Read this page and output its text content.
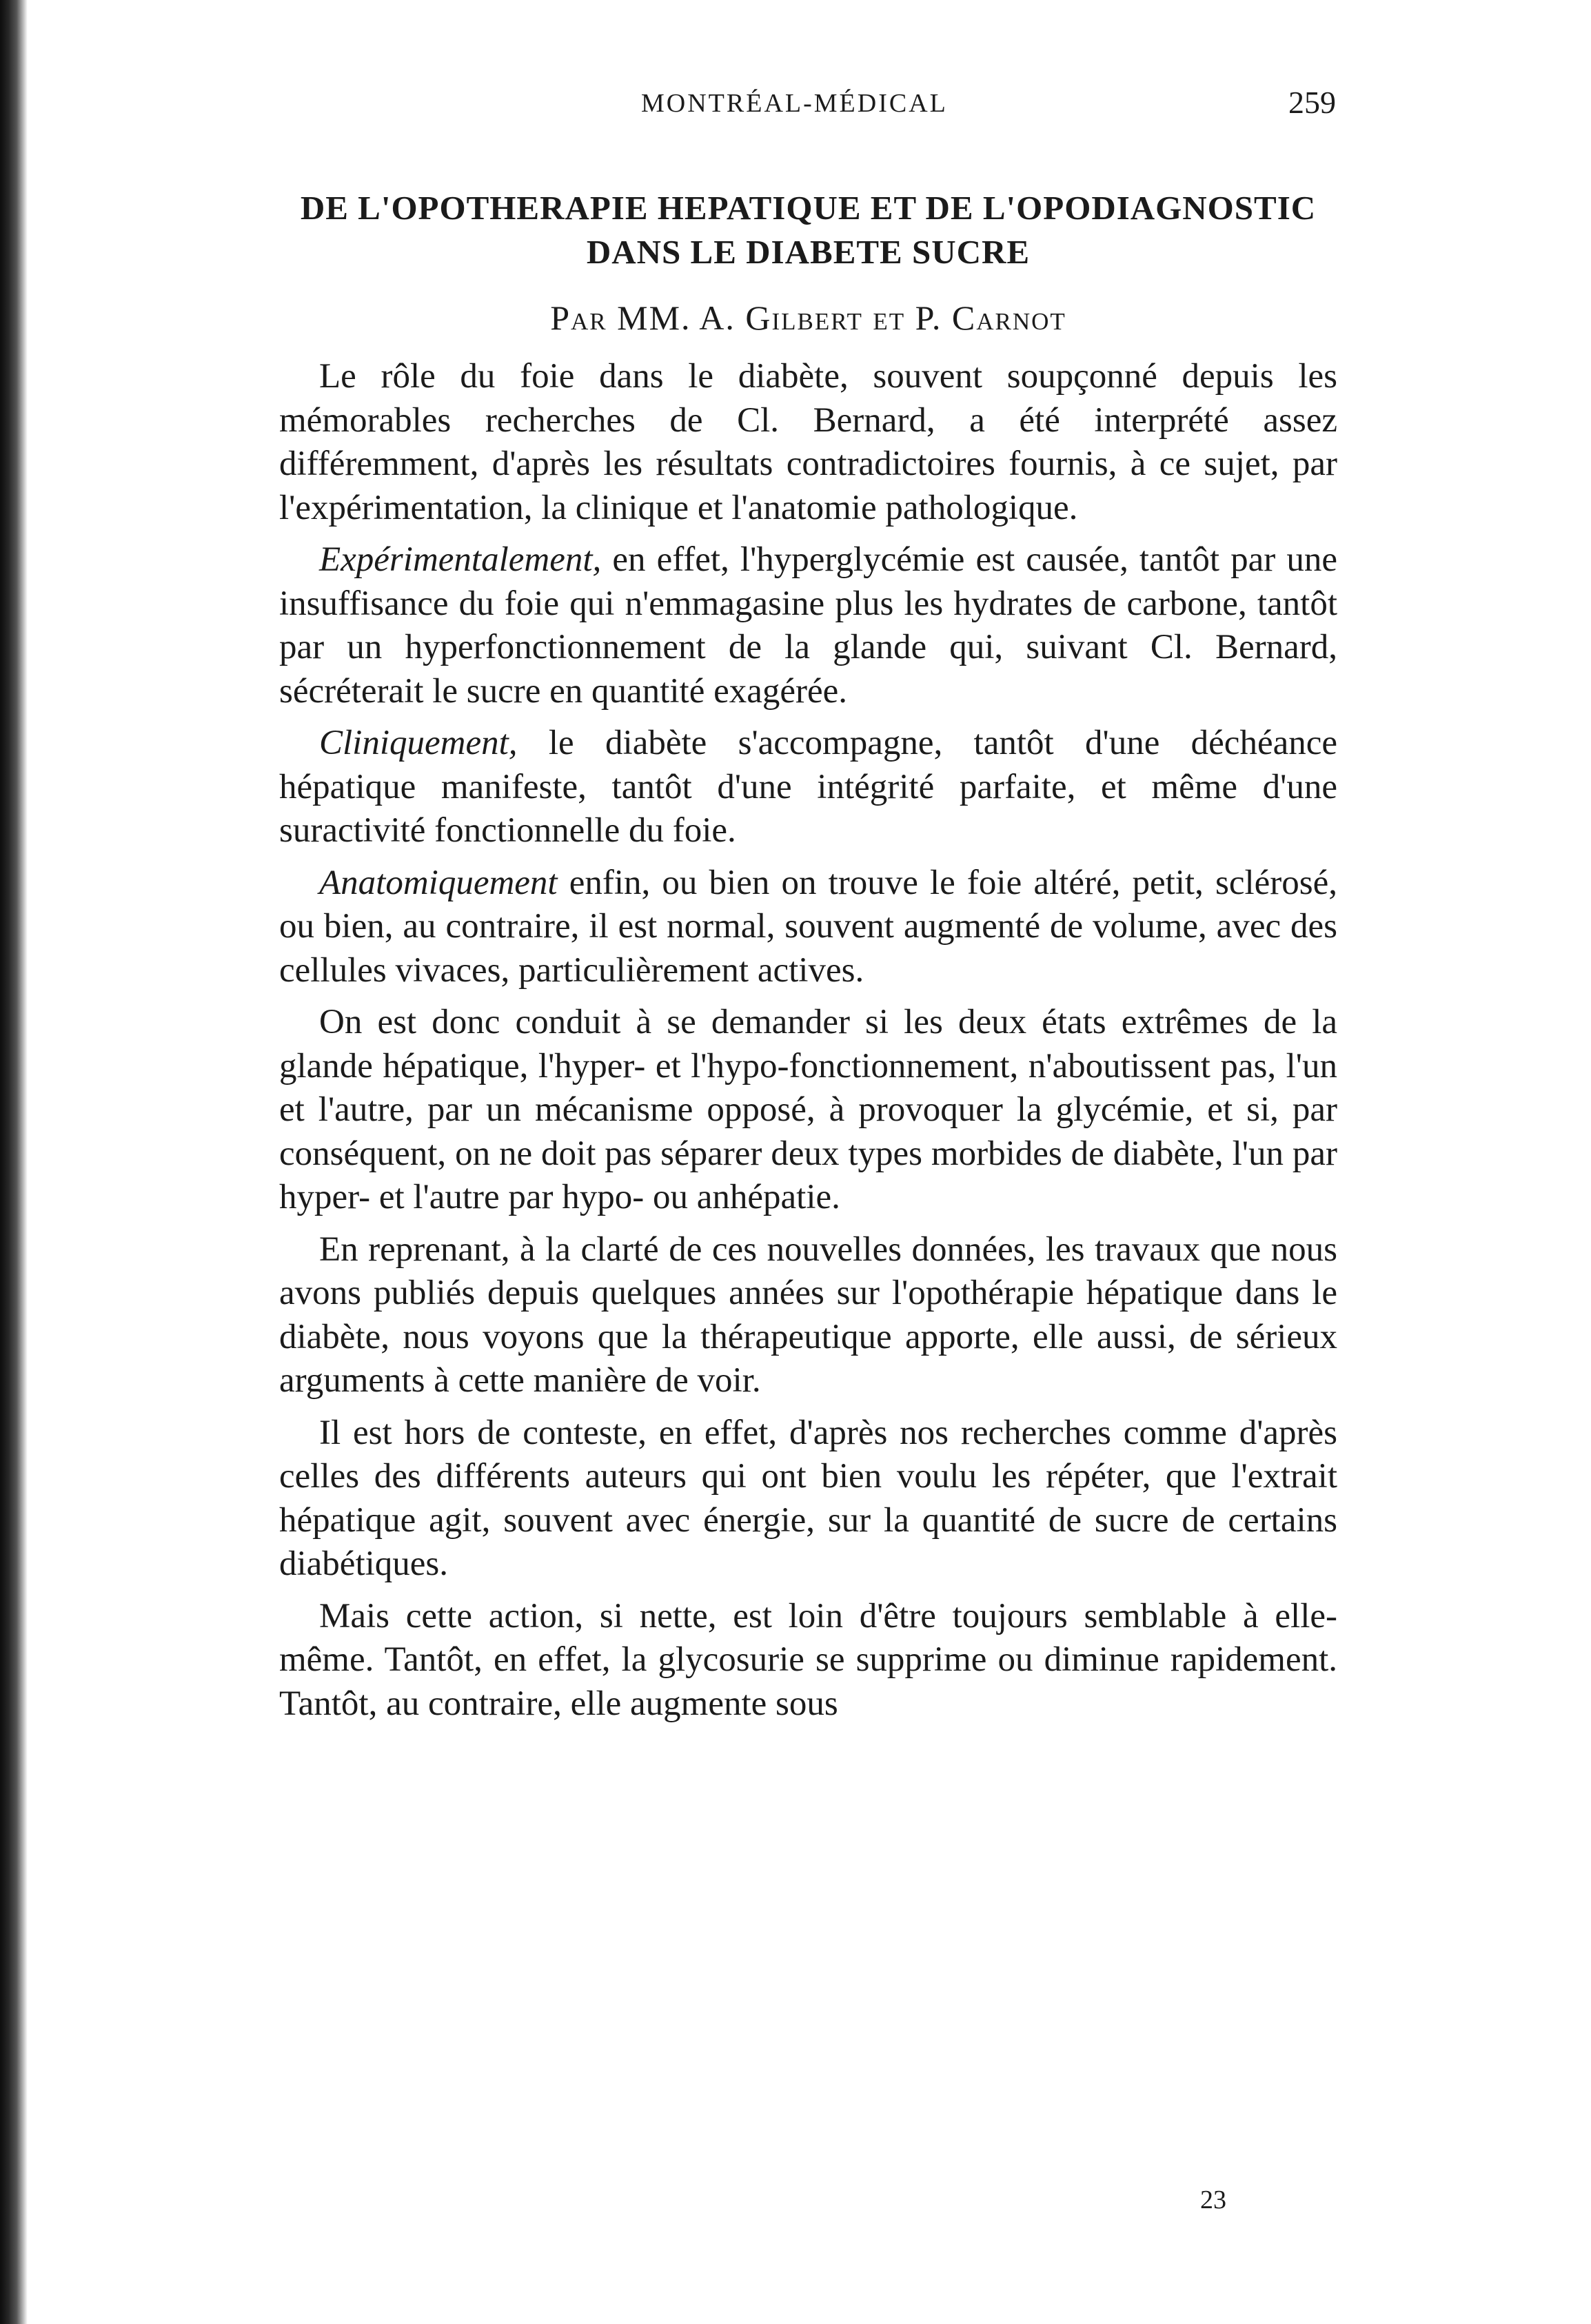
MONTRÉAL-MÉDICAL	259
DE L'OPOTHERAPIE HEPATIQUE ET DE L'OPODIAGNOSTIC
DANS LE DIABETE SUCRE
Par MM. A. Gilbert et P. Carnot

Le rôle du foie dans le diabète, souvent soupçonné depuis les mémorables recherches de Cl. Bernard, a été interprété assez différemment, d'après les résultats contradictoires fournis, à ce sujet, par l'expérimentation, la clinique et l'anatomie pathologique.

Expérimentalement, en effet, l'hyperglycémie est causée, tantôt par une insuffisance du foie qui n'emmagasine plus les hydrates de carbone, tantôt par un hyperfonctionnement de la glande qui, suivant Cl. Bernard, sécréterait le sucre en quantité exagérée.

Cliniquement, le diabète s'accompagne, tantôt d'une déchéance hépatique manifeste, tantôt d'une intégrité parfaite, et même d'une suractivité fonctionnelle du foie.

Anatomiquement enfin, ou bien on trouve le foie altéré, petit, sclérosé, ou bien, au contraire, il est normal, souvent augmenté de volume, avec des cellules vivaces, particulièrement actives.

On est donc conduit à se demander si les deux états extrêmes de la glande hépatique, l'hyper- et l'hypo-fonctionnement, n'aboutissent pas, l'un et l'autre, par un mécanisme opposé, à provoquer la glycémie, et si, par conséquent, on ne doit pas séparer deux types morbides de diabète, l'un par hyper- et l'autre par hypo- ou anhépatie.

En reprenant, à la clarté de ces nouvelles données, les travaux que nous avons publiés depuis quelques années sur l'opothérapie hépatique dans le diabète, nous voyons que la thérapeutique apporte, elle aussi, de sérieux arguments à cette manière de voir.

Il est hors de conteste, en effet, d'après nos recherches comme d'après celles des différents auteurs qui ont bien voulu les répéter, que l'extrait hépatique agit, souvent avec énergie, sur la quantité de sucre de certains diabétiques.

Mais cette action, si nette, est loin d'être toujours semblable à elle-même. Tantôt, en effet, la glycosurie se supprime ou diminue rapidement. Tantôt, au contraire, elle augmente sous

23
